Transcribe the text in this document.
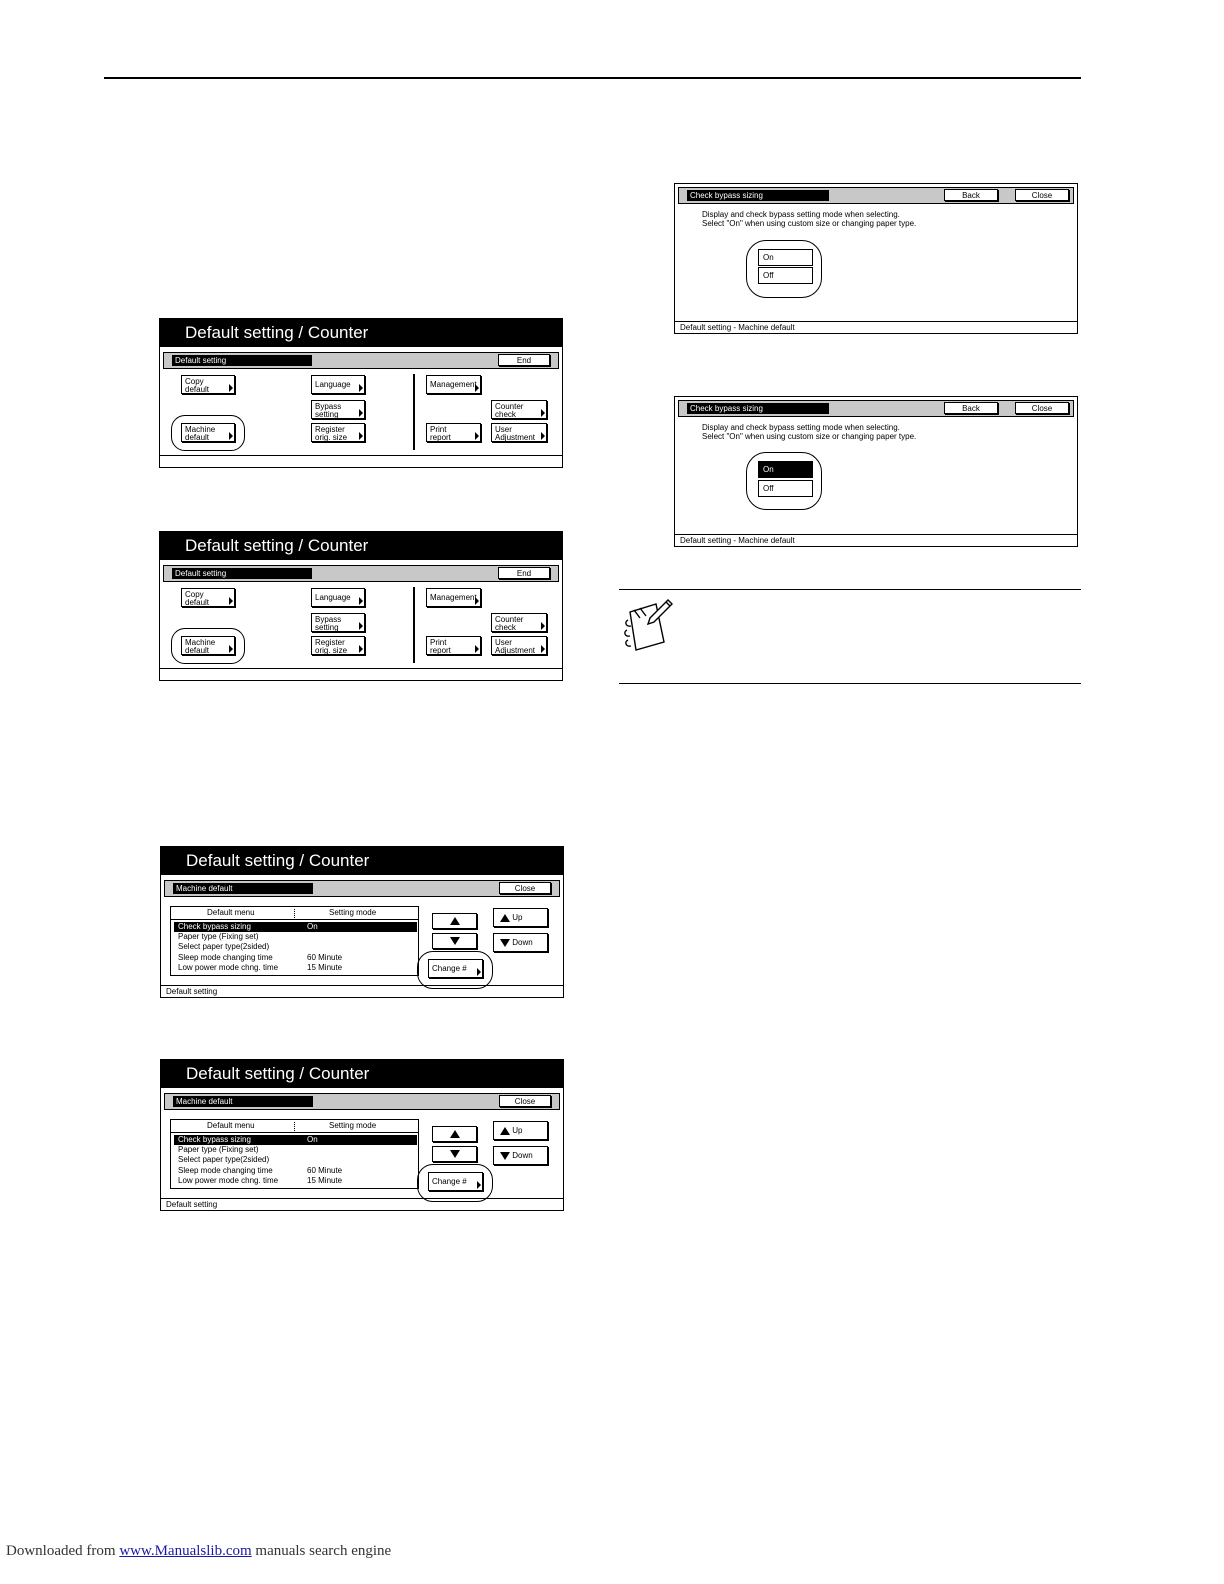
Default setting / Counter
Default setting	End
Copy
default
Machine
default
Language
Bypass
setting
Register
orig. size
Management
Print
report
Counter
check
User
Adjustment
Default setting / Counter
Default setting	End
Copy
default
Machine
default
Language
Bypass
setting
Register
orig. size
Management
Print
report
Counter
check
User
Adjustment
Default setting / Counter
Machine default	Close
Default menu	Setting mode
Check bypass sizing	On
Paper type (Fixing set)
Select paper type(2sided)
Sleep mode changing time	60 Minute
Low power mode chng. time	15 Minute
Up
Down
Change #
Default setting
Default setting / Counter
Machine default	Close
Default menu	Setting mode
Check bypass sizing	On
Paper type (Fixing set)
Select paper type(2sided)
Sleep mode changing time	60 Minute
Low power mode chng. time	15 Minute
Up
Down
Change #
Default setting
Check bypass sizing	Back	Close
Display and check bypass setting mode when selecting.
Select "On" when using custom size or changing paper type.
On
Off
Default setting - Machine default
Check bypass sizing	Back	Close
Display and check bypass setting mode when selecting.
Select "On" when using custom size or changing paper type.
On
Off
Default setting - Machine default
Downloaded from www.Manualslib.com manuals search engine
